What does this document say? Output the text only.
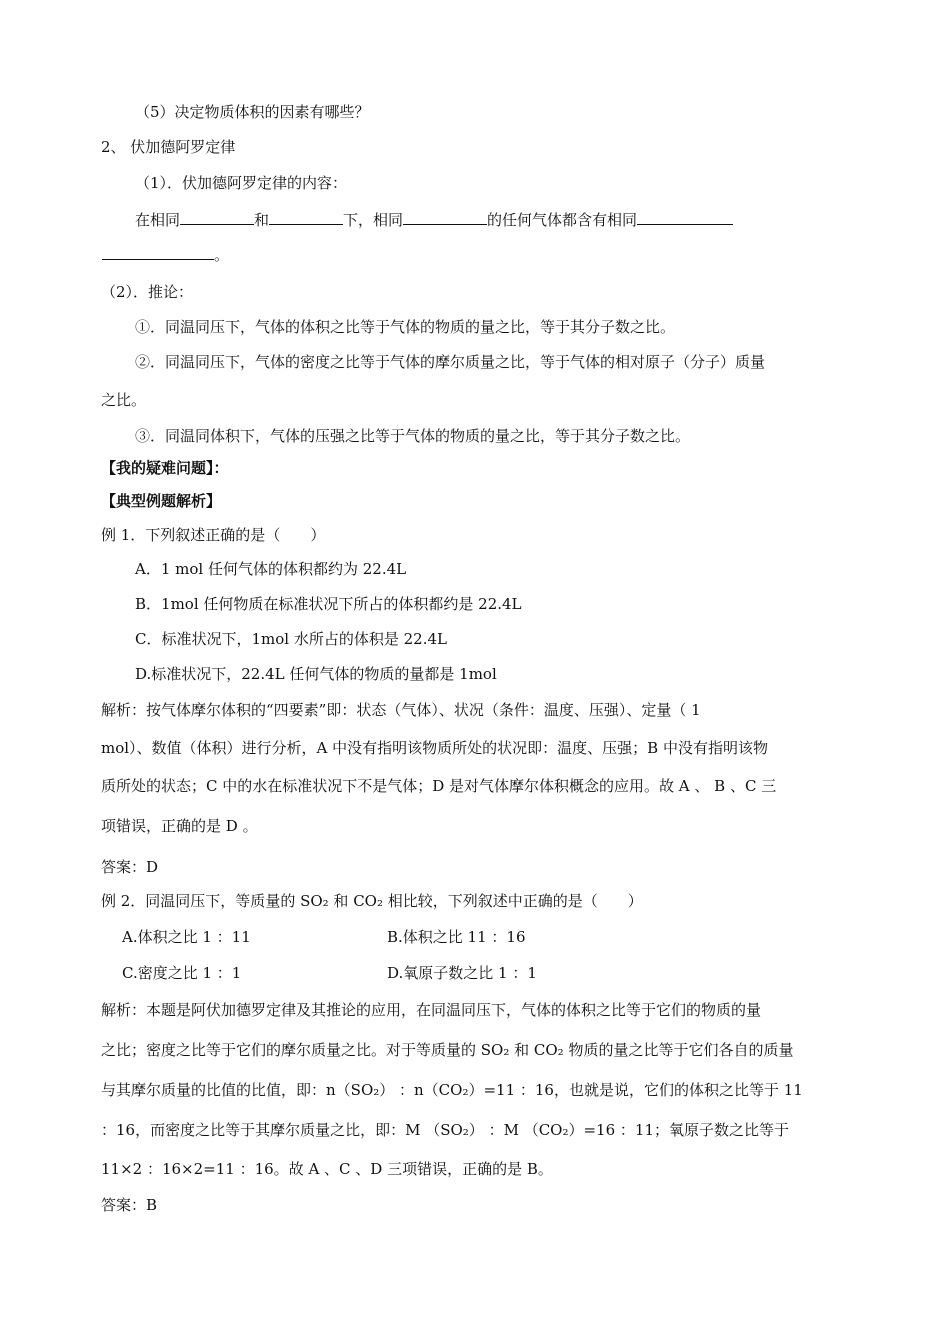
（5）决定物质体积的因素有哪些？
2、 伏加德阿罗定律
（1）．伏加德阿罗定律的内容：
在相同	和	下，相同	的任何气体都含有相同
。
（2）．推论：
①．同温同压下，气体的体积之比等于气体的物质的量之比，等于其分子数之比。
②．同温同压下，气体的密度之比等于气体的摩尔质量之比，等于气体的相对原子（分子）质量
之比。
③．同温同体积下，气体的压强之比等于气体的物质的量之比，等于其分子数之比。
【我的疑难问题】：
【典型例题解析】
例 1．下列叙述正确的是（　　）
A．1 mol 任何气体的体积都约为 22.4L
B．1mol 任何物质在标准状况下所占的体积都约是 22.4L
C．标准状况下，1mol 水所占的体积是 22.4L
D.标准状况下，22.4L 任何气体的物质的量都是 1mol
解析：按气体摩尔体积的“四要素”即：状态（气体）、状况（条件：温度、压强）、定量（ 1
mol）、数值（体积）进行分析，A 中没有指明该物质所处的状况即：温度、压强；B 中没有指明该物
质所处的状态；C 中的水在标准状况下不是气体；D 是对气体摩尔体积概念的应用。故 A 、 B 、C 三
项错误，正确的是 D 。
答案：D
例 2．同温同压下，等质量的 SO₂ 和 CO₂ 相比较，下列叙述中正确的是（　　）
A.体积之比 1 ：11	B.体积之比 11 ：16
C.密度之比 1 ：1	D.氧原子数之比 1 ：1
解析：本题是阿伏加德罗定律及其推论的应用，在同温同压下，气体的体积之比等于它们的物质的量
之比；密度之比等于它们的摩尔质量之比。对于等质量的 SO₂ 和 CO₂ 物质的量之比等于它们各自的质量
与其摩尔质量的比值的比值，即：n（SO₂） ：n（CO₂）=11 ：16，也就是说，它们的体积之比等于 11
：16，而密度之比等于其摩尔质量之比，即：M （SO₂） ：M （CO₂）=16 ：11；氧原子数之比等于
11×2 ：16×2=11 ：16。故 A 、C 、D 三项错误，正确的是 B。
答案：B
